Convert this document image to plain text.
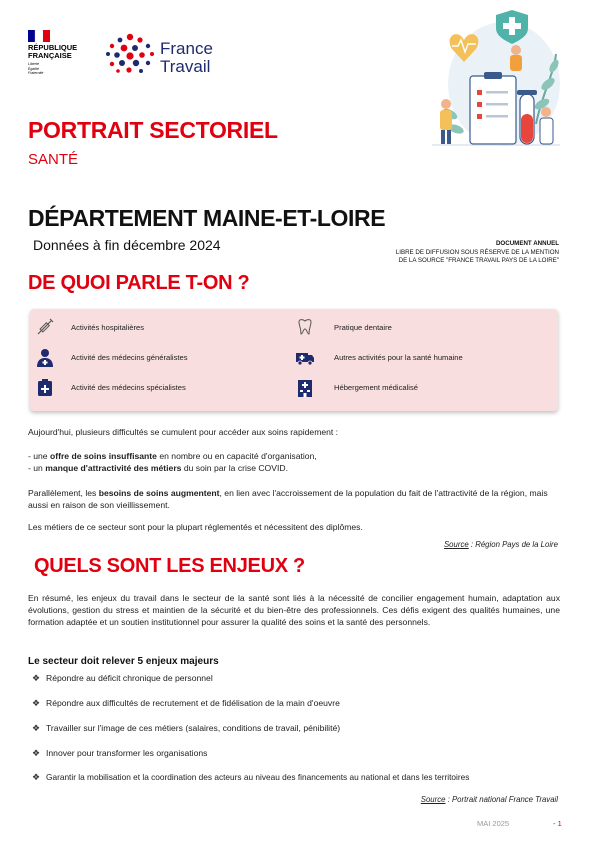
RÉPUBLIQUE
FRANÇAISE
Liberté
Égalité
Fraternité
France
Travail
PORTRAIT SECTORIEL
SANTÉ
DÉPARTEMENT MAINE-ET-LOIRE
Données à fin décembre 2024	DOCUMENT ANNUEL
LIBRE DE DIFFUSION SOUS RÉSERVE DE LA MENTION
DE LA SOURCE "FRANCE TRAVAIL PAYS DE LA LOIRE"
DE QUOI PARLE T-ON ?
Activités hospitalières	Pratique dentaire
Activité des médecins généralistes	Autres activités pour la santé humaine
Activité des médecins spécialistes	Hébergement médicalisé
Aujourd'hui, plusieurs difficultés se cumulent pour accéder aux soins rapidement :
- une offre de soins insuffisante en nombre ou en capacité d'organisation,
- un manque d'attractivité des métiers du soin par la crise COVID.
Parallèlement, les besoins de soins augmentent, en lien avec l'accroissement de la population du fait de l'attractivité de la région, mais aussi en raison de son vieillissement.
Les métiers de ce secteur sont pour la plupart réglementés et nécessitent des diplômes.
Source : Région Pays de la Loire
QUELS SONT LES ENJEUX ?
En résumé, les enjeux du travail dans le secteur de la santé sont liés à la nécessité de concilier engagement humain, adaptation aux évolutions, gestion du stress et maintien de la sécurité et du bien-être des professionnels. Ces défis exigent des qualités humaines, une formation adaptée et un soutien institutionnel pour assurer la qualité des soins et la santé des personnels.
Le secteur doit relever 5 enjeux majeurs
❖ Répondre au déficit chronique de personnel
❖ Répondre aux difficultés de recrutement et de fidélisation de la main d'oeuvre
❖ Travailler sur l'image de ces métiers (salaires, conditions de travail, pénibilité)
❖ Innover pour transformer les organisations
❖ Garantir la mobilisation et la coordination des acteurs au niveau des financements au national et dans les territoires
Source : Portrait national France Travail
MAI 2025	- 1
